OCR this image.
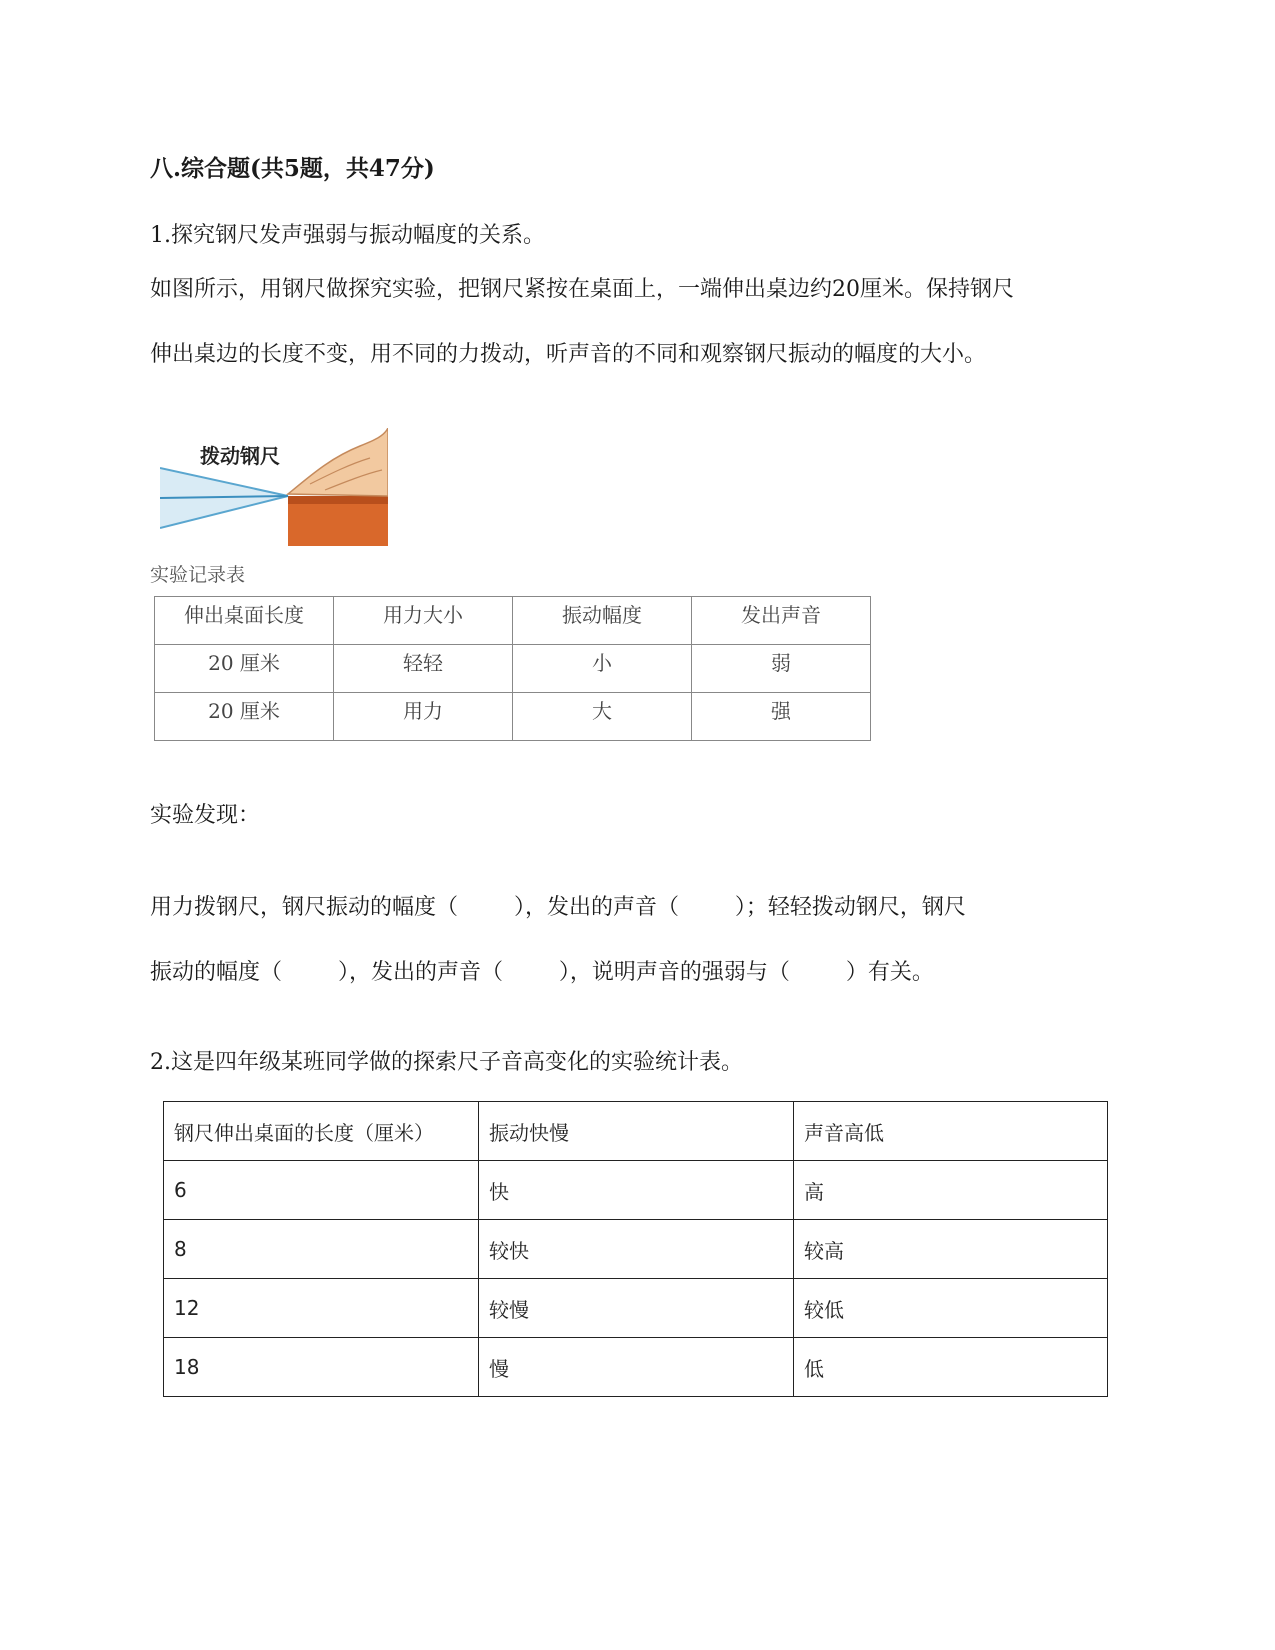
八.综合题(共5题，共47分)
1.探究钢尺发声强弱与振动幅度的关系。
如图所示，用钢尺做探究实验，把钢尺紧按在桌面上，一端伸出桌边约20厘米。保持钢尺
伸出桌边的长度不变，用不同的力拨动，听声音的不同和观察钢尺振动的幅度的大小。
拨动钢尺
实验记录表
伸出桌面长度	用力大小	振动幅度	发出声音
20 厘米	轻轻	小	弱
20 厘米	用力	大	强
实验发现：
用力拨钢尺，钢尺振动的幅度（        ），发出的声音（        ）；轻轻拨动钢尺，钢尺
振动的幅度（        ），发出的声音（        ），说明声音的强弱与（        ）有关。
2.这是四年级某班同学做的探索尺子音高变化的实验统计表。
钢尺伸出桌面的长度（厘米）	振动快慢	声音高低
6	快	高
8	较快	较高
12	较慢	较低
18	慢	低
